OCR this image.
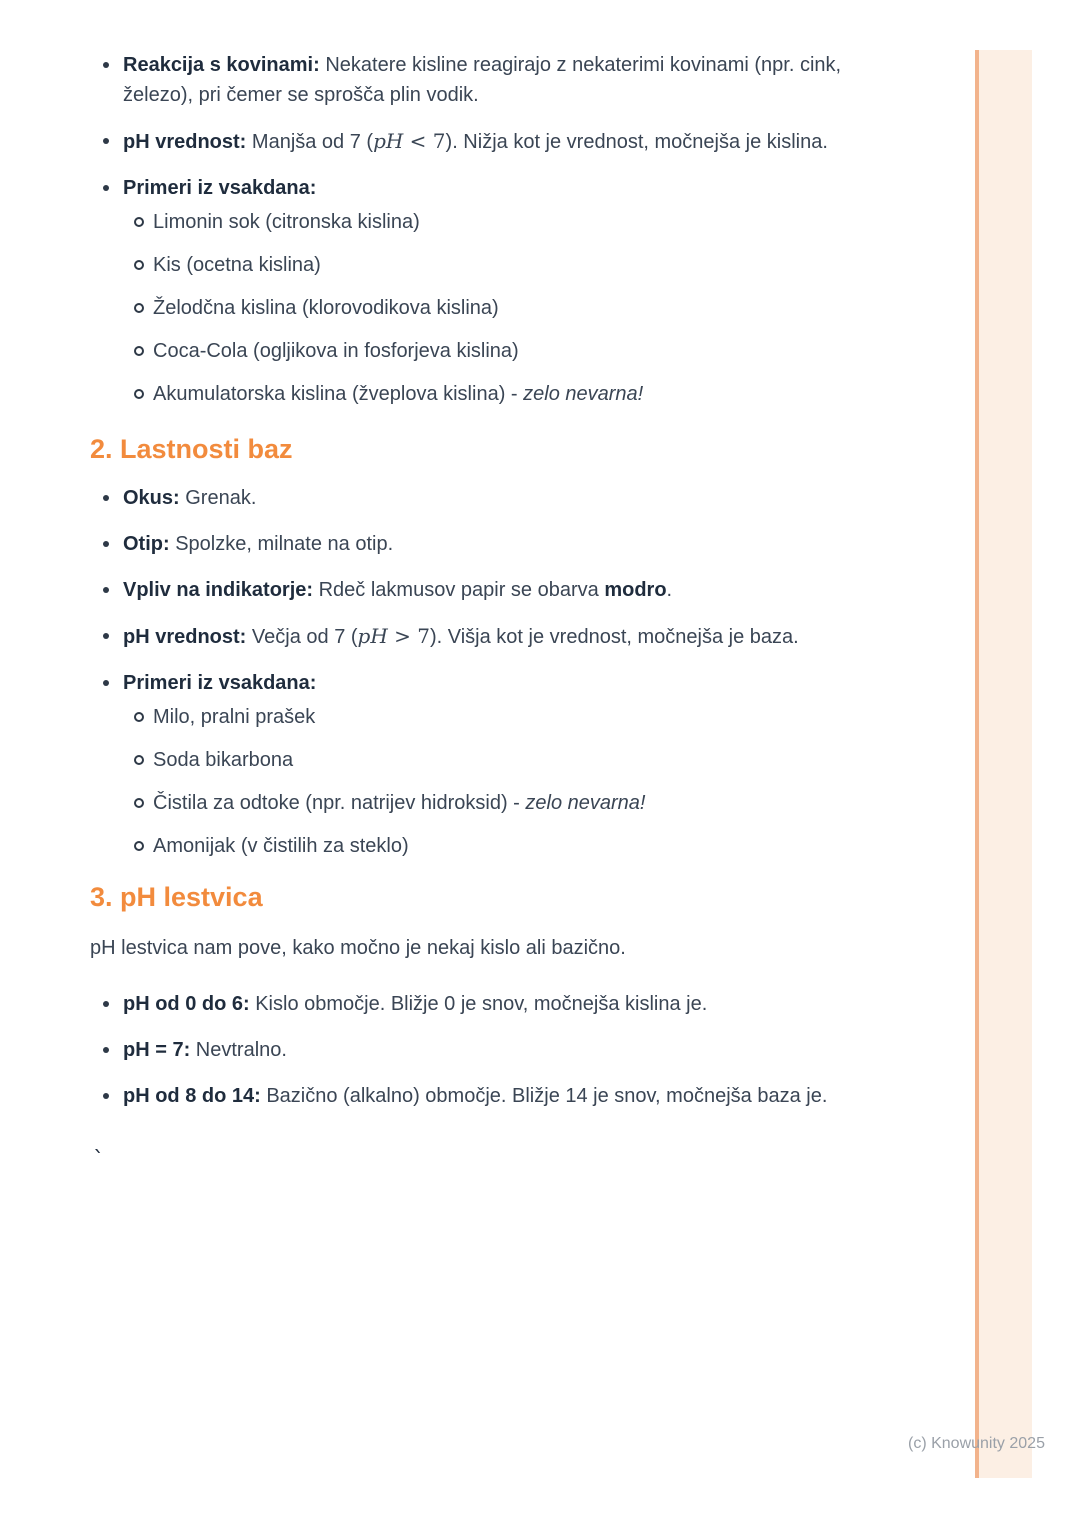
Reakcija s kovinami: Nekatere kisline reagirajo z nekaterimi kovinami (npr. cink, železo), pri čemer se sprošča plin vodik.
pH vrednost: Manjša od 7 (pH < 7). Nižja kot je vrednost, močnejša je kislina.
Primeri iz vsakdana:
Limonin sok (citronska kislina)
Kis (ocetna kislina)
Želodčna kislina (klorovodikova kislina)
Coca-Cola (ogljikova in fosforjeva kislina)
Akumulatorska kislina (žveplova kislina) - zelo nevarna!
2. Lastnosti baz
Okus: Grenak.
Otip: Spolzke, milnate na otip.
Vpliv na indikatorje: Rdeč lakmusov papir se obarva modro.
pH vrednost: Večja od 7 (pH > 7). Višja kot je vrednost, močnejša je baza.
Primeri iz vsakdana:
Milo, pralni prašek
Soda bikarbona
Čistila za odtoke (npr. natrijev hidroksid) - zelo nevarna!
Amonijak (v čistilih za steklo)
3. pH lestvica

pH lestvica nam pove, kako močno je nekaj kislo ali bazično.

pH od 0 do 6: Kislo območje. Bližje 0 je snov, močnejša kislina je.
pH = 7: Nevtralno.
pH od 8 do 14: Bazično (alkalno) območje. Bližje 14 je snov, močnejša baza je.
`
(c) Knowunity 2025
